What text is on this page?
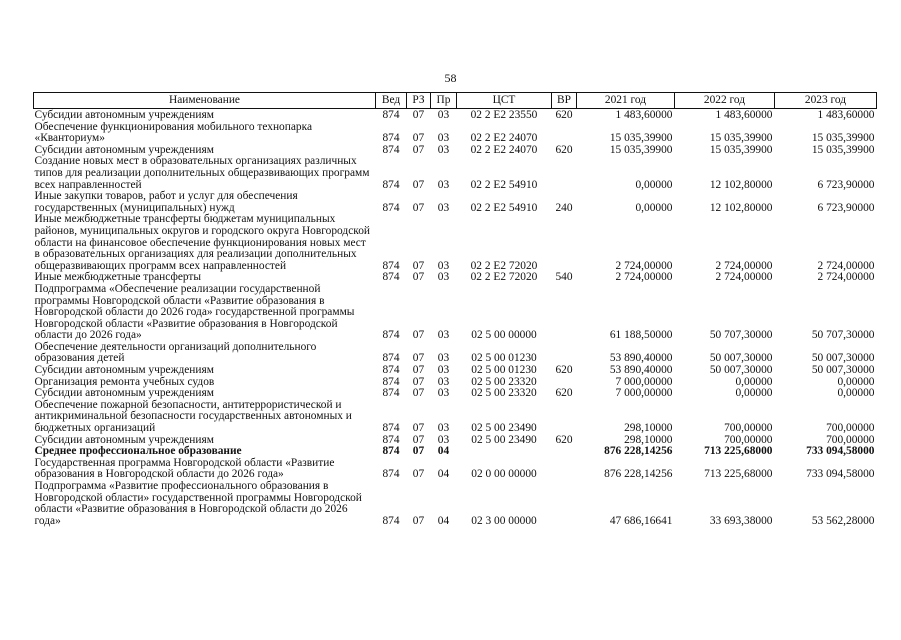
58
Наименование	Вед	РЗ	Пр	ЦСТ	ВР	2021 год	2022 год	2023 год
Субсидии автономным учреждениям	874	07	03	02 2 E2 23550	620	1 483,60000	1 483,60000	1 483,60000
Обеспечение функционирования мобильного технопарка «Кванториум»	874	07	03	02 2 E2 24070		15 035,39900	15 035,39900	15 035,39900
Субсидии автономным учреждениям	874	07	03	02 2 E2 24070	620	15 035,39900	15 035,39900	15 035,39900
Создание новых мест в образовательных организациях различных типов для реализации дополнительных общеразвивающих программ всех направленностей	874	07	03	02 2 E2 54910		0,00000	12 102,80000	6 723,90000
Иные закупки товаров, работ и услуг для обеспечения государственных (муниципальных) нужд	874	07	03	02 2 E2 54910	240	0,00000	12 102,80000	6 723,90000
Иные межбюджетные трансферты бюджетам муниципальных районов, муниципальных округов и городского округа Новгородской области на финансовое обеспечение функционирования новых мест в образовательных организациях для реализации дополнительных общеразвивающих программ всех направленностей	874	07	03	02 2 E2 72020		2 724,00000	2 724,00000	2 724,00000
Иные межбюджетные трансферты	874	07	03	02 2 E2 72020	540	2 724,00000	2 724,00000	2 724,00000
Подпрограмма «Обеспечение реализации государственной программы Новгородской области «Развитие образования в Новгородской области до 2026 года» государственной программы Новгородской области «Развитие образования в Новгородской области до 2026 года»	874	07	03	02 5 00 00000		61 188,50000	50 707,30000	50 707,30000
Обеспечение деятельности организаций дополнительного образования детей	874	07	03	02 5 00 01230		53 890,40000	50 007,30000	50 007,30000
Субсидии автономным учреждениям	874	07	03	02 5 00 01230	620	53 890,40000	50 007,30000	50 007,30000
Организация ремонта учебных судов	874	07	03	02 5 00 23320		7 000,00000	0,00000	0,00000
Субсидии автономным учреждениям	874	07	03	02 5 00 23320	620	7 000,00000	0,00000	0,00000
Обеспечение пожарной безопасности, антитеррористической и антикриминальной безопасности государственных автономных и бюджетных организаций	874	07	03	02 5 00 23490		298,10000	700,00000	700,00000
Субсидии автономным учреждениям	874	07	03	02 5 00 23490	620	298,10000	700,00000	700,00000
Среднее профессиональное образование	874	07	04			876 228,14256	713 225,68000	733 094,58000
Государственная программа Новгородской области «Развитие образования в Новгородской области до 2026 года»	874	07	04	02 0 00 00000		876 228,14256	713 225,68000	733 094,58000
Подпрограмма «Развитие профессионального образования в Новгородской области» государственной программы Новгородской области «Развитие образования в Новгородской области до 2026 года»	874	07	04	02 3 00 00000		47 686,16641	33 693,38000	53 562,28000
